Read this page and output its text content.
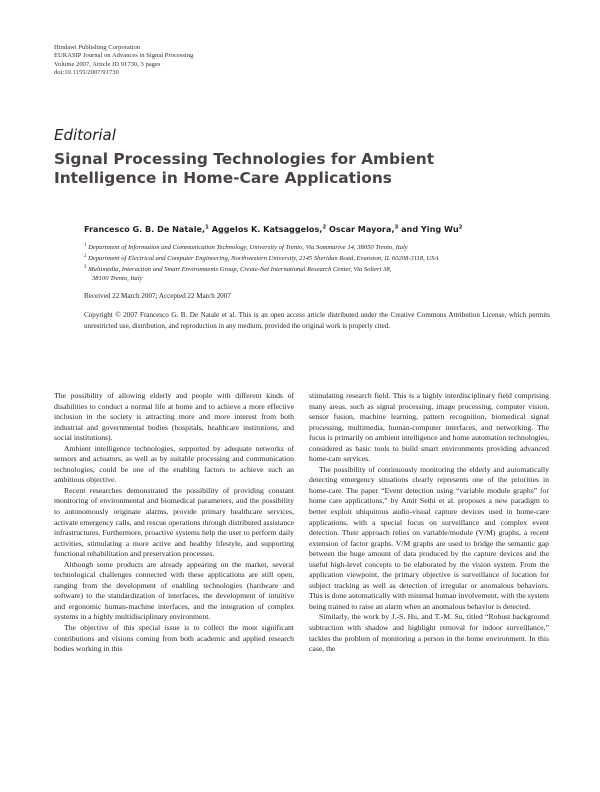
Hindawi Publishing Corporation
EURASIP Journal on Advances in Signal Processing
Volume 2007, Article ID 91730, 3 pages
doi:10.1155/2007/91730
Editorial
Signal Processing Technologies for Ambient Intelligence in Home-Care Applications
Francesco G. B. De Natale,$^1$ Aggelos K. Katsaggelos,$^2$ Oscar Mayora,$^3$ and Ying Wu$^2$
$^1$ Department of Information and Communication Technology, University of Trento, Via Sommarive 14, 38050 Trento, Italy
$^2$ Department of Electrical and Computer Engineering, Northwestern University, 2145 Sheridan Road, Evanston, IL 60208-3118, USA
$^3$ Multimedia, Interaction and Smart Environments Group, Create-Net International Research Center, Via Solteri 38,
38100 Trento, Italy
Received 22 March 2007; Accepted 22 March 2007
Copyright © 2007 Francesco G. B. De Natale et al. This is an open access article distributed under the Creative Commons Attribution License, which permits unrestricted use, distribution, and reproduction in any medium, provided the original work is properly cited.

The possibility of allowing elderly and people with different kinds of disabilities to conduct a normal life at home and to achieve a more effective inclusion in the society is attracting more and more interest from both industrial and governmental bodies (hospitals, healthcare institutions, and social institutions).

Ambient intelligence technologies, supported by adequate networks of sensors and actuators, as well as by suitable processing and communication technologies, could be one of the enabling factors to achieve such an ambitious objective.

Recent researches demonstrated the possibility of providing constant monitoring of environmental and biomedical parameters, and the possibility to autonomously originate alarms, provide primary healthcare services, activate emergency calls, and rescue operations through distributed assistance infrastructures. Furthermore, proactive systems help the user to perform daily activities, stimulating a more active and healthy lifestyle, and supporting functional rehabilitation and preservation processes.

Although some products are already appearing on the market, several technological challenges connected with these applications are still open, ranging from the development of enabling technologies (hardware and software) to the standardization of interfaces, the development of intuitive and ergonomic human-machine interfaces, and the integration of complex systems in a highly multidisciplinary environment.

The objective of this special issue is to collect the most significant contributions and visions coming from both academic and applied research bodies working in this

stimulating research field. This is a highly interdisciplinary field comprising many areas, such as signal processing, image processing, computer vision, sensor fusion, machine learning, pattern recognition, biomedical signal processing, multimedia, human-computer interfaces, and networking. The focus is primarily on ambient intelligence and home automation technologies, considered as basic tools to build smart environments providing advanced home-care services.

The possibility of continuously monitoring the elderly and automatically detecting emergency situations clearly represents one of the priorities in home-care. The paper “Event detection using “variable module graphs” for home care applications,” by Amit Sethi et al. proposes a new paradigm to better exploit ubiquitous audio-visual capture devices used in home-care applications, with a special focus on surveillance and complex event detection. Their approach relies on variable/module (V/M) graphs, a recent extension of factor graphs. V/M graphs are used to bridge the semantic gap between the huge amount of data produced by the capture devices and the useful high-level concepts to be elaborated by the vision system. From the application viewpoint, the primary objective is surveillance of location for subject tracking as well as detection of irregular or anomalous behaviors. This is done automatically with minimal human involvement, with the system being trained to raise an alarm when an anomalous behavior is detected.

Similarly, the work by J.-S. Hu, and T.-M. Su, titled “Robust background subtraction with shadow and highlight removal for indoor surveillance,” tackles the problem of monitoring a person in the home environment. In this case, the
